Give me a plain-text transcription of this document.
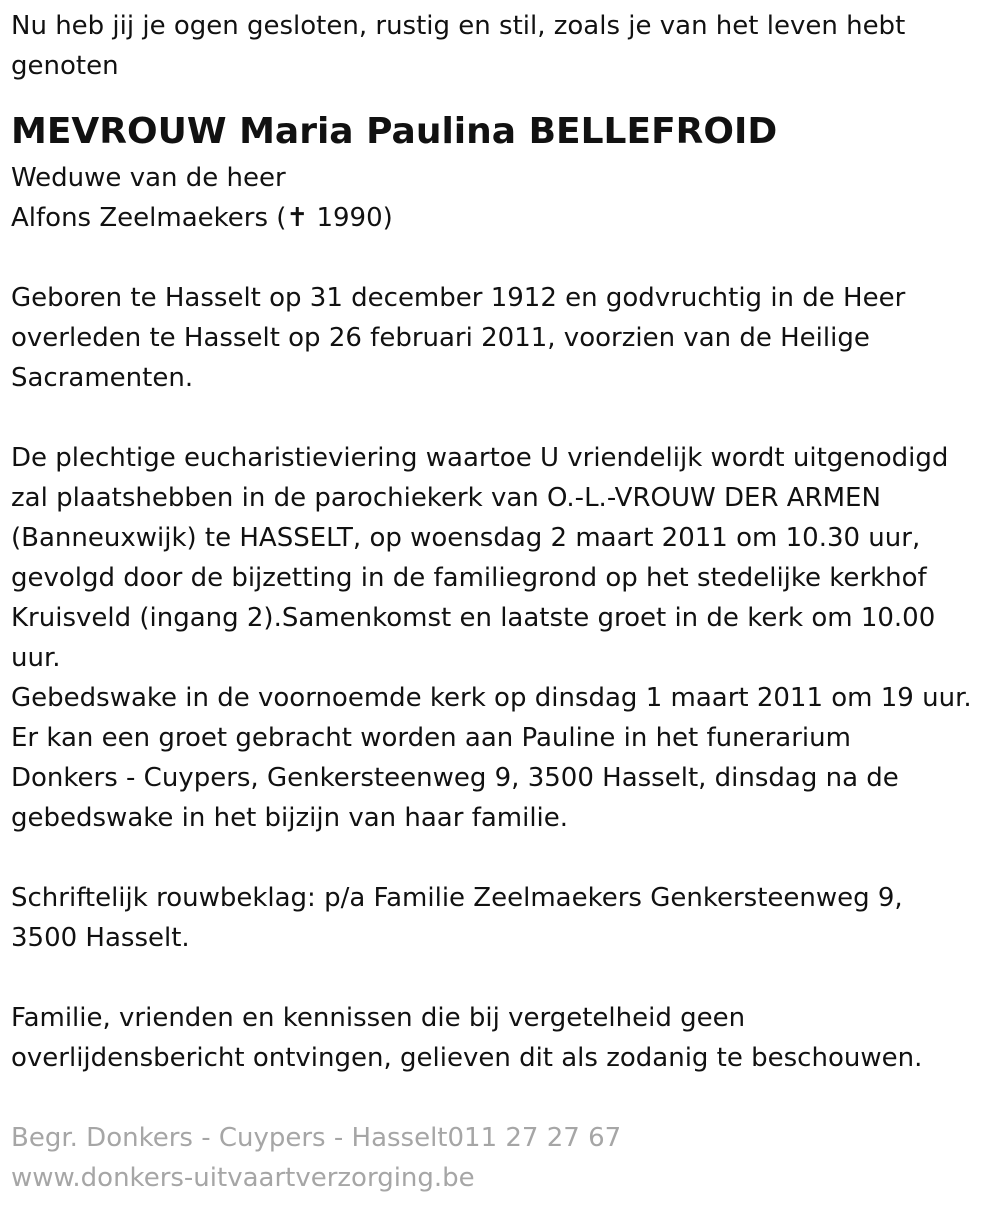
Nu heb jij je ogen gesloten, rustig en stil, zoals je van het leven hebt
genoten
MEVROUW Maria Paulina BELLEFROID
Weduwe van de heer
Alfons Zeelmaekers (✝ 1990)
Geboren te Hasselt op 31 december 1912 en godvruchtig in de Heer
overleden te Hasselt op 26 februari 2011, voorzien van de Heilige
Sacramenten.
De plechtige eucharistieviering waartoe U vriendelijk wordt uitgenodigd
zal plaatshebben in de parochiekerk van O.-L.-VROUW DER ARMEN
(Banneuxwijk) te HASSELT, op woensdag 2 maart 2011 om 10.30 uur,
gevolgd door de bijzetting in de familiegrond op het stedelijke kerkhof
Kruisveld (ingang 2).Samenkomst en laatste groet in de kerk om 10.00
uur.
Gebedswake in de voornoemde kerk op dinsdag 1 maart 2011 om 19 uur.
Er kan een groet gebracht worden aan Pauline in het funerarium
Donkers - Cuypers, Genkersteenweg 9, 3500 Hasselt, dinsdag na de
gebedswake in het bijzijn van haar familie.
Schriftelijk rouwbeklag: p/a Familie Zeelmaekers Genkersteenweg 9,
3500 Hasselt.
Familie, vrienden en kennissen die bij vergetelheid geen
overlijdensbericht ontvingen, gelieven dit als zodanig te beschouwen.
Begr. Donkers - Cuypers - Hasselt011 27 27 67
www.donkers-uitvaartverzorging.be
